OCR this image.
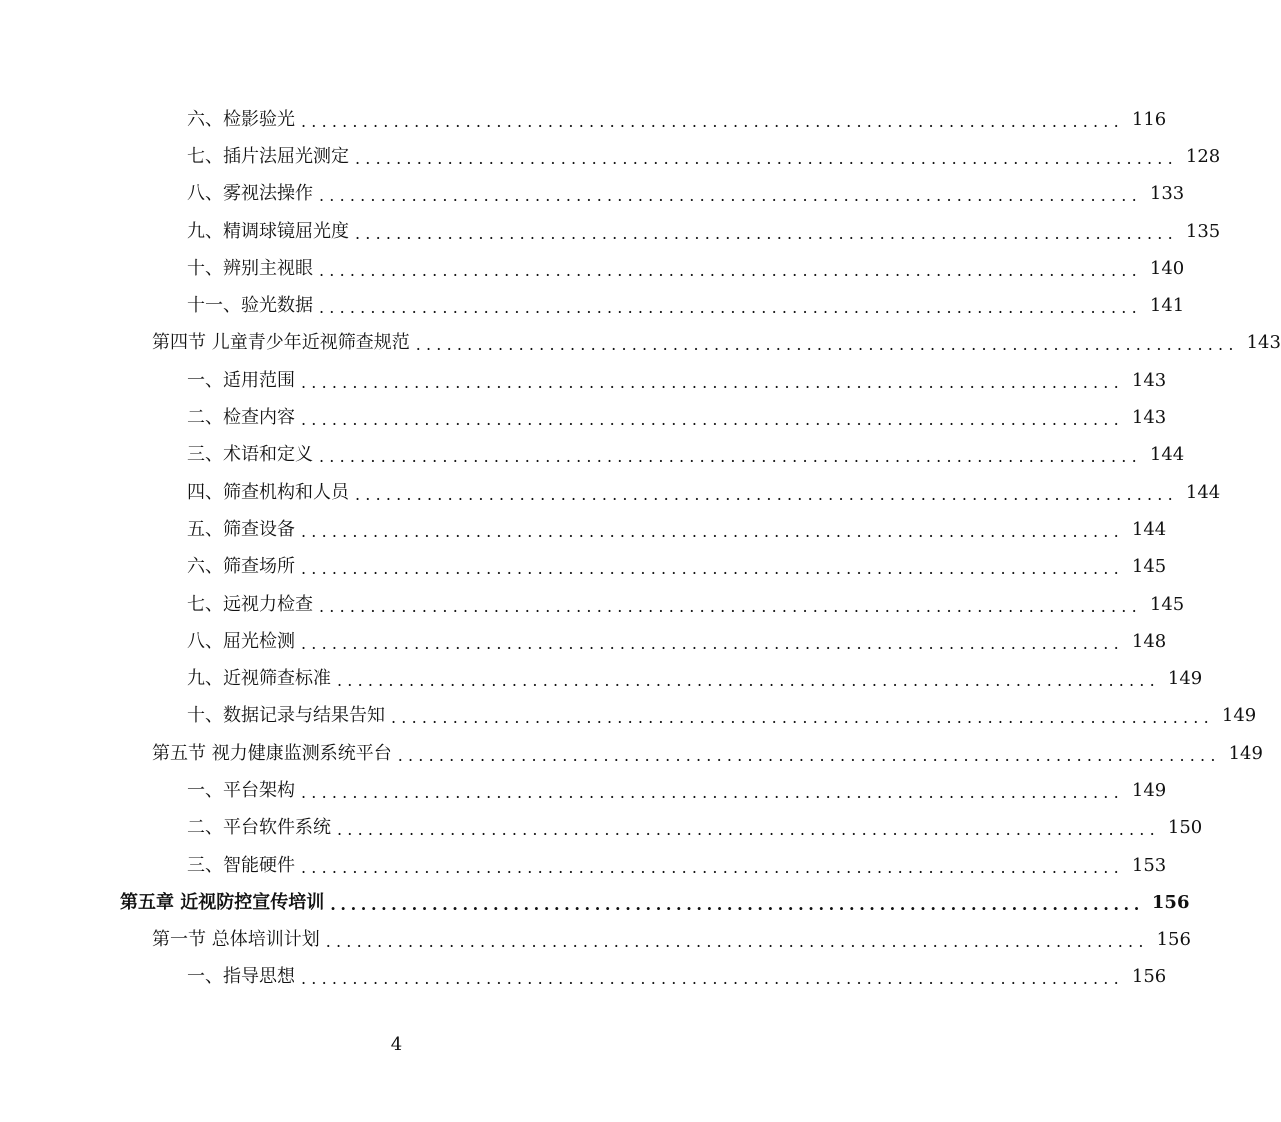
六、检影验光 ................................................................................ 116
七、插片法屈光测定 ................................................................................ 128
八、雾视法操作 ................................................................................ 133
九、精调球镜屈光度 ................................................................................ 135
十、辨别主视眼 ................................................................................ 140
十一、验光数据 ................................................................................ 141
第四节 儿童青少年近视筛查规范 ................................................................................ 143
一、适用范围 ................................................................................ 143
二、检查内容 ................................................................................ 143
三、术语和定义 ................................................................................ 144
四、筛查机构和人员 ................................................................................ 144
五、筛查设备 ................................................................................ 144
六、筛查场所 ................................................................................ 145
七、远视力检查 ................................................................................ 145
八、屈光检测 ................................................................................ 148
九、近视筛查标准 ................................................................................ 149
十、数据记录与结果告知 ................................................................................ 149
第五节 视力健康监测系统平台 ................................................................................ 149
一、平台架构 ................................................................................ 149
二、平台软件系统 ................................................................................ 150
三、智能硬件 ................................................................................ 153
第五章 近视防控宣传培训 ................................................................................ 156
第一节 总体培训计划 ................................................................................ 156
一、指导思想 ................................................................................ 156
4
